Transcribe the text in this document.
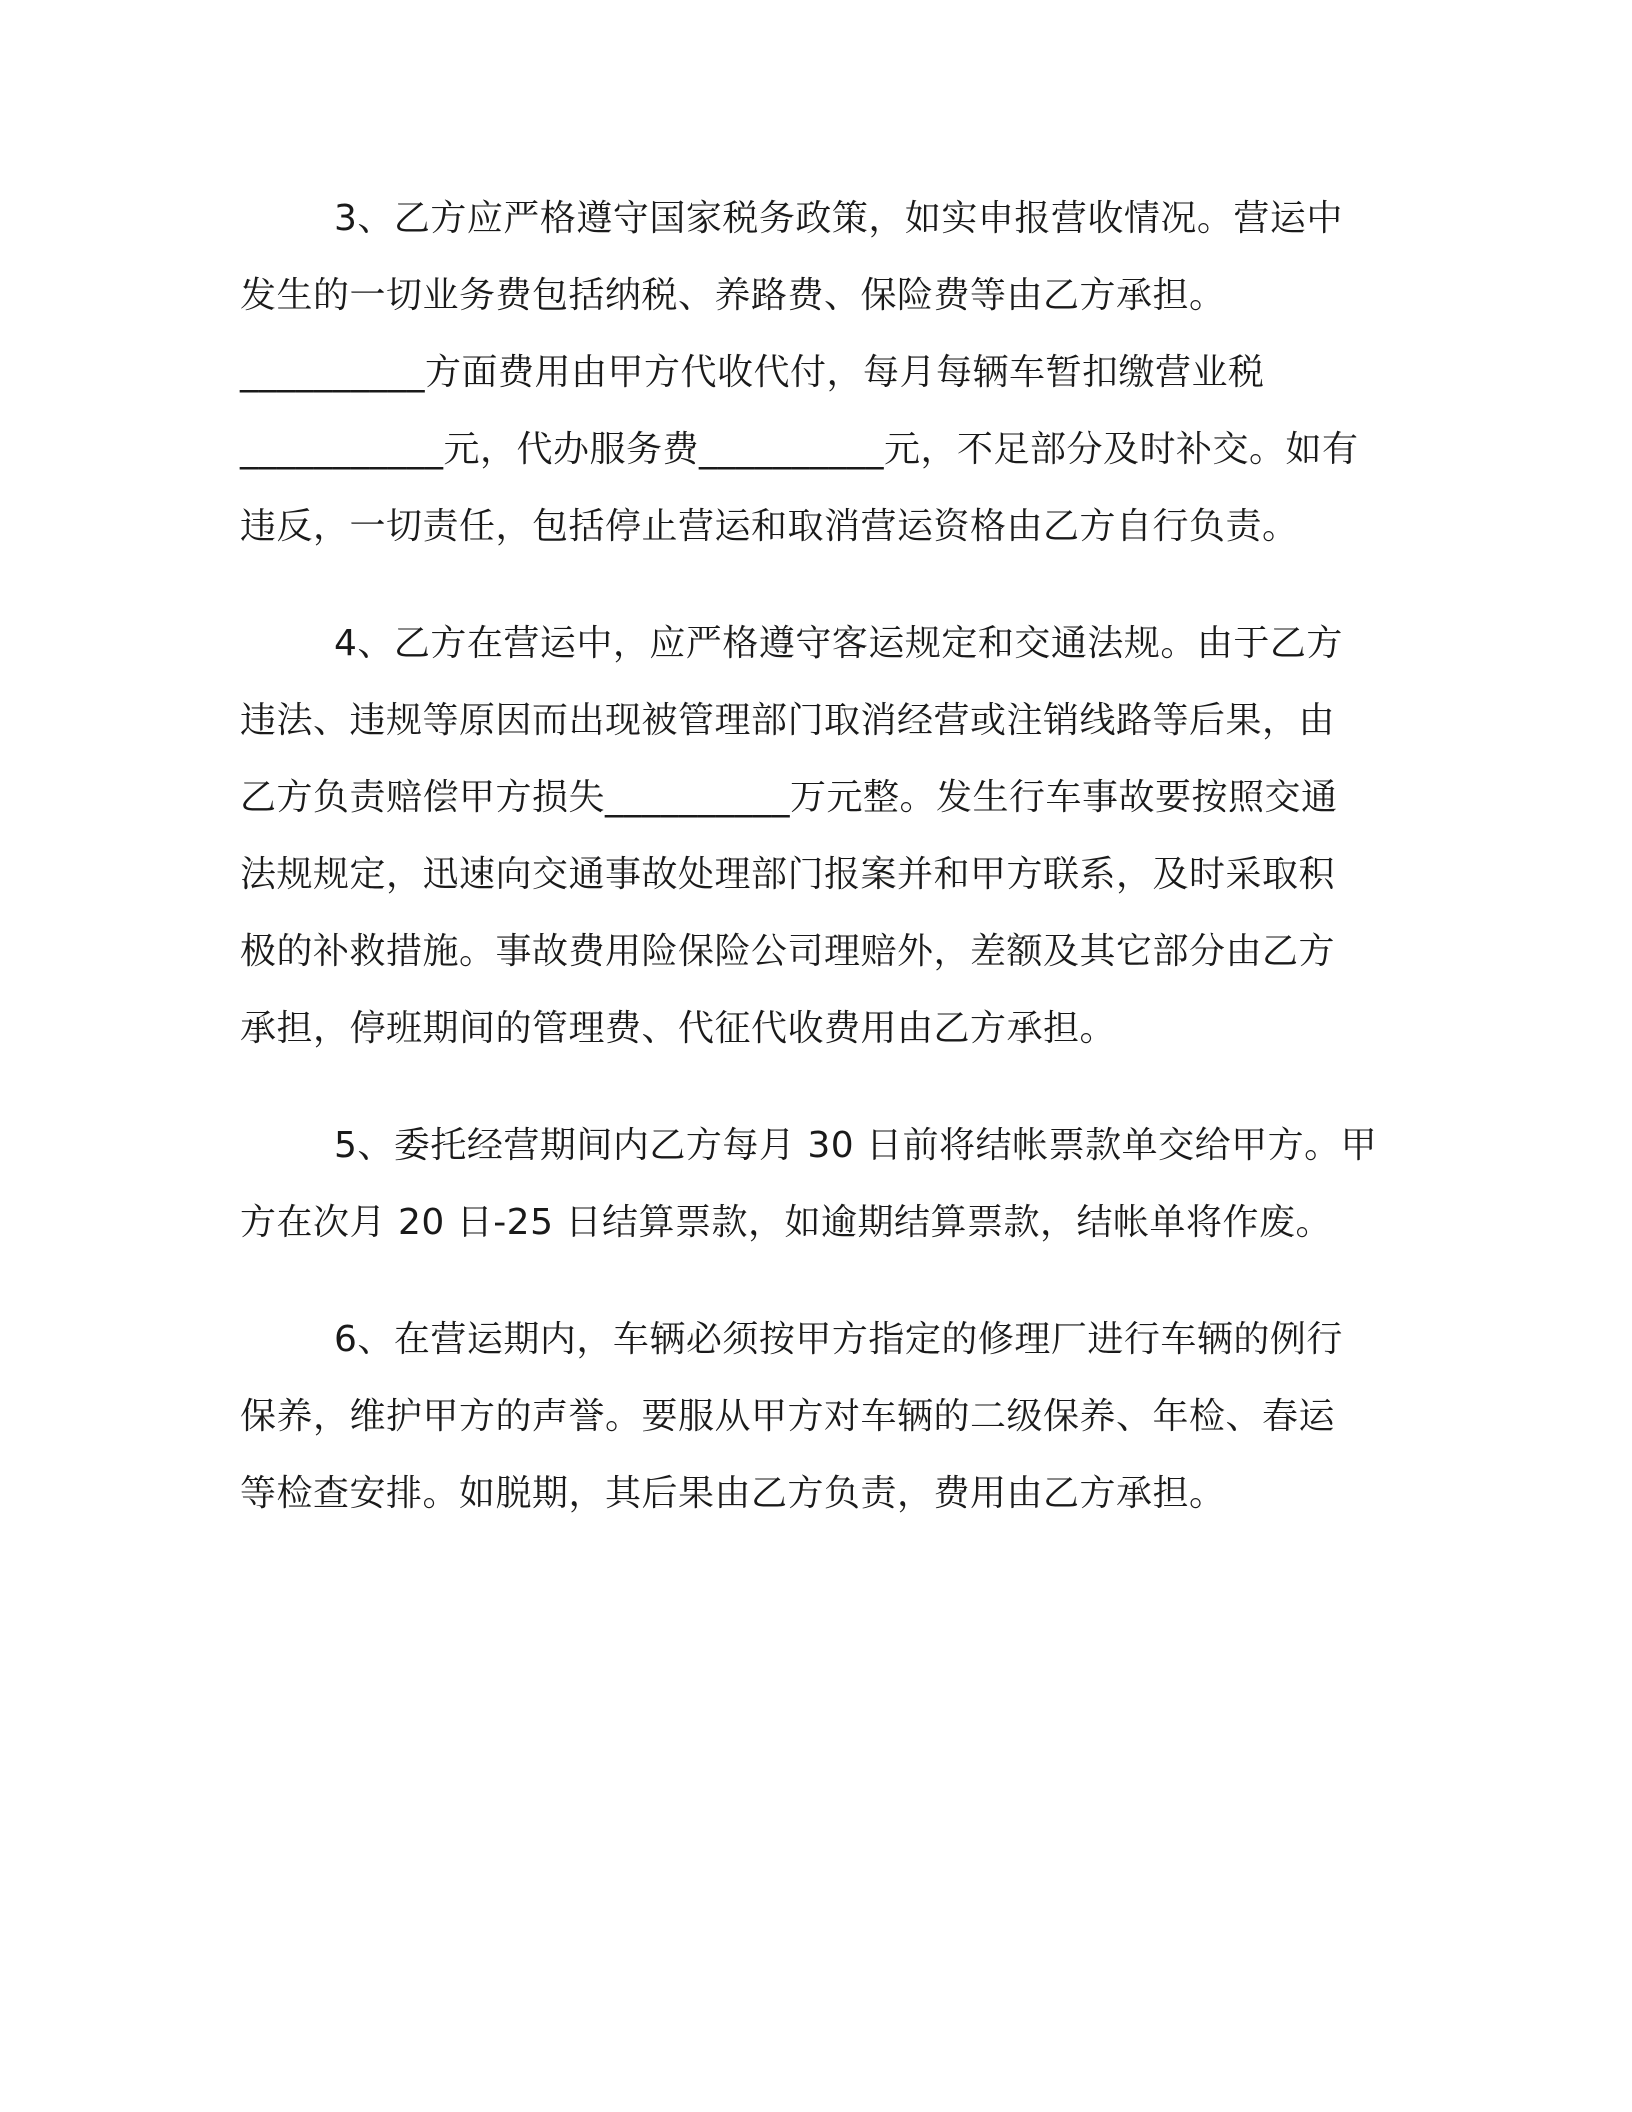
3、乙方应严格遵守国家税务政策，如实申报营收情况。营运中
发生的一切业务费包括纳税、养路费、保险费等由乙方承担。
__________方面费用由甲方代收代付，每月每辆车暂扣缴营业税
___________元，代办服务费__________元，不足部分及时补交。如有
违反，一切责任，包括停止营运和取消营运资格由乙方自行负责。
4、乙方在营运中，应严格遵守客运规定和交通法规。由于乙方
违法、违规等原因而出现被管理部门取消经营或注销线路等后果，由
乙方负责赔偿甲方损失__________万元整。发生行车事故要按照交通
法规规定，迅速向交通事故处理部门报案并和甲方联系，及时采取积
极的补救措施。事故费用险保险公司理赔外，差额及其它部分由乙方
承担，停班期间的管理费、代征代收费用由乙方承担。
5、委托经营期间内乙方每月 30 日前将结帐票款单交给甲方。甲
方在次月 20 日-25 日结算票款，如逾期结算票款，结帐单将作废。
6、在营运期内，车辆必须按甲方指定的修理厂进行车辆的例行
保养，维护甲方的声誉。要服从甲方对车辆的二级保养、年检、春运
等检查安排。如脱期，其后果由乙方负责，费用由乙方承担。
